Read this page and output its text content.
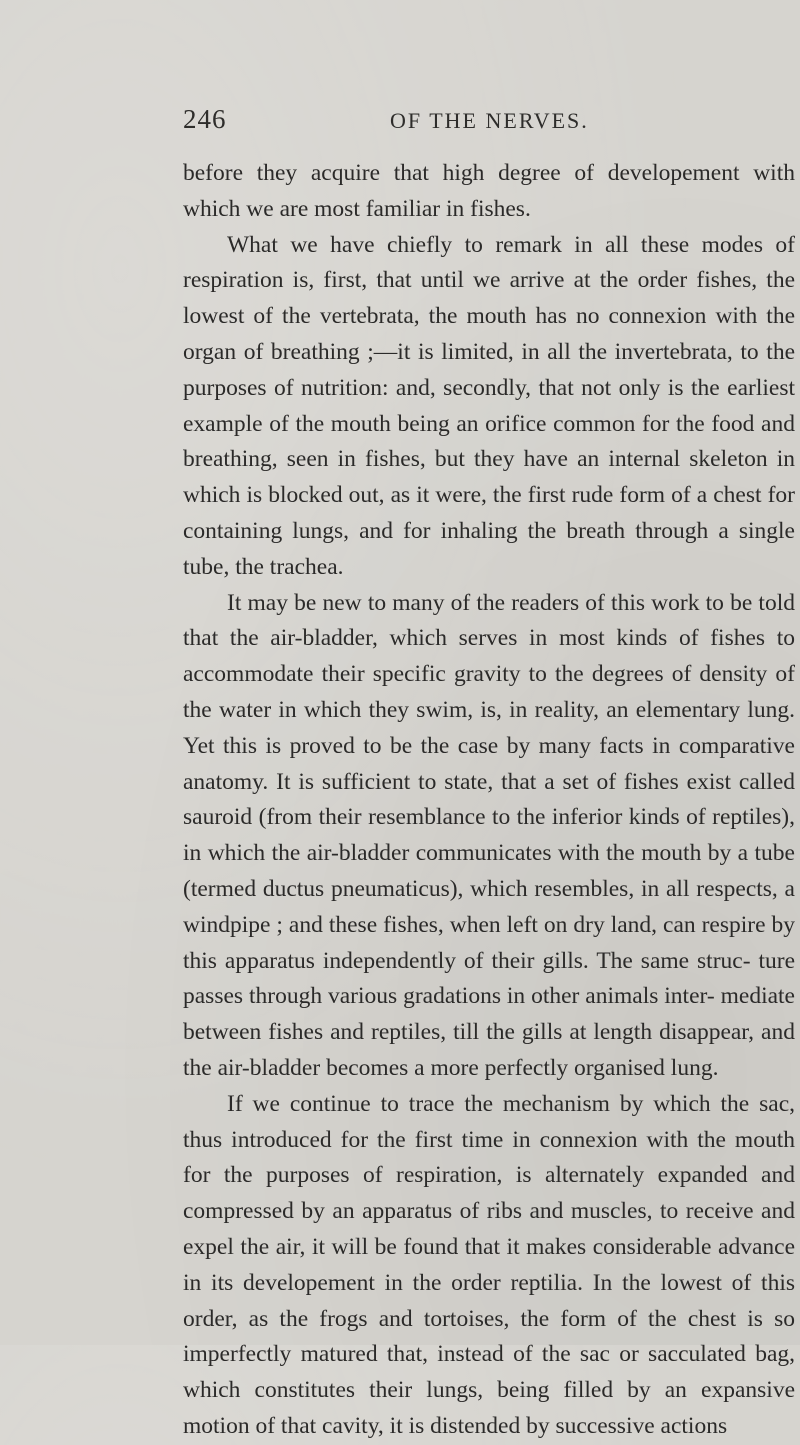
246	OF THE NERVES.

before they acquire that high degree of developement with which we are most familiar in fishes.

What we have chiefly to remark in all these modes of respiration is, first, that until we arrive at the order fishes, the lowest of the vertebrata, the mouth has no connexion with the organ of breathing ;—it is limited, in all the invertebrata, to the purposes of nutrition: and, secondly, that not only is the earliest example of the mouth being an orifice common for the food and breathing, seen in fishes, but they have an internal skeleton in which is blocked out, as it were, the first rude form of a chest for containing lungs, and for inhaling the breath through a single tube, the trachea.

It may be new to many of the readers of this work to be told that the air-bladder, which serves in most kinds of fishes to accommodate their specific gravity to the degrees of density of the water in which they swim, is, in reality, an elementary lung. Yet this is proved to be the case by many facts in comparative anatomy. It is sufficient to state, that a set of fishes exist called sauroid (from their resemblance to the inferior kinds of reptiles), in which the air-bladder communicates with the mouth by a tube (termed ductus pneumaticus), which resembles, in all respects, a windpipe ; and these fishes, when left on dry land, can respire by this apparatus independently of their gills. The same struc- ture passes through various gradations in other animals inter- mediate between fishes and reptiles, till the gills at length disappear, and the air-bladder becomes a more perfectly organised lung.

If we continue to trace the mechanism by which the sac, thus introduced for the first time in connexion with the mouth for the purposes of respiration, is alternately expanded and compressed by an apparatus of ribs and muscles, to receive and expel the air, it will be found that it makes considerable advance in its developement in the order reptilia. In the lowest of this order, as the frogs and tortoises, the form of the chest is so imperfectly matured that, instead of the sac or sacculated bag, which constitutes their lungs, being filled by an expansive motion of that cavity, it is distended by successive actions
